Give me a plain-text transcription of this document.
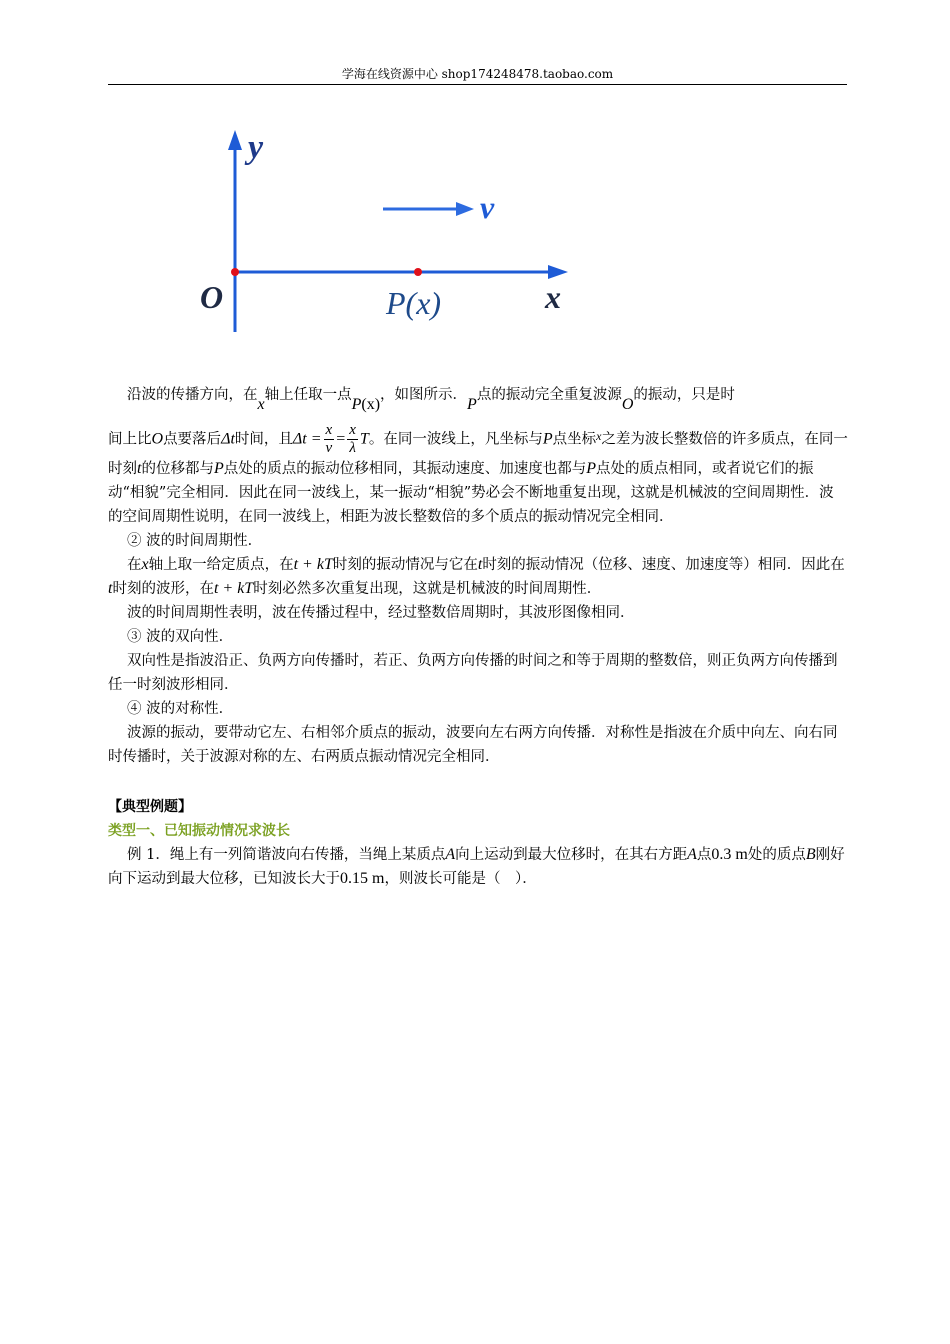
学海在线资源中心 shop174248478.taobao.com
y
v
O	P(x)	x

沿波的传播方向，在x轴上任取一点P(x)，如图所示．P点的振动完全重复波源O的振动，只是时

间上比O点要落后Δt时间，且$\Delta t = \frac{x}{v} = \frac{x}{\lambda}$ T。在同一波线上，凡坐标与P点坐标$^x$之差为波长整数倍的许多质点，在同一时刻t的位移都与P点处的质点的振动位移相同，其振动速度、加速度也都与P点处的质点相同，或者说它们的振动“相貌”完全相同．因此在同一波线上，某一振动“相貌”势必会不断地重复出现，这就是机械波的空间周期性．波的空间周期性说明，在同一波线上，相距为波长整数倍的多个质点的振动情况完全相同．

② 波的时间周期性．

在x轴上取一给定质点，在t + kT时刻的振动情况与它在t时刻的振动情况（位移、速度、加速度等）相同．因此在t时刻的波形，在t + kT时刻必然多次重复出现，这就是机械波的时间周期性．

波的时间周期性表明，波在传播过程中，经过整数倍周期时，其波形图像相同．

③ 波的双向性．

双向性是指波沿正、负两方向传播时，若正、负两方向传播的时间之和等于周期的整数倍，则正负两方向传播到任一时刻波形相同．

④ 波的对称性．

波源的振动，要带动它左、右相邻介质点的振动，波要向左右两方向传播．对称性是指波在介质中向左、向右同时传播时，关于波源对称的左、右两质点振动情况完全相同．

【典型例题】

类型一、已知振动情况求波长

例 1．绳上有一列简谐波向右传播，当绳上某质点A向上运动到最大位移时，在其右方距A点0.3 m处的质点B刚好向下运动到最大位移，已知波长大于0.15 m，则波长可能是（　）．
